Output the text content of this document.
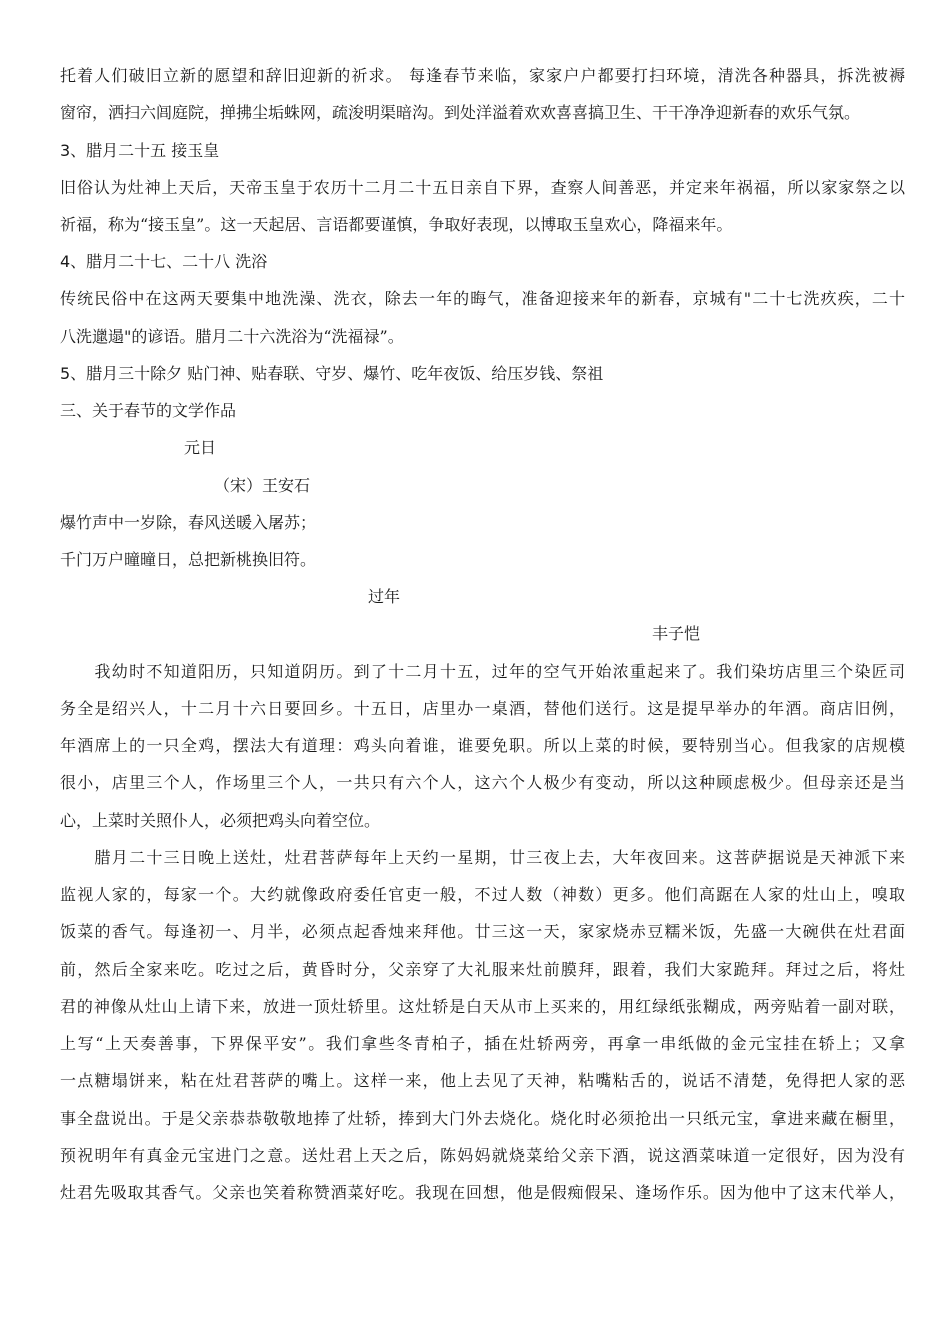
托着人们破旧立新的愿望和辞旧迎新的祈求。 每逢春节来临，家家户户都要打扫环境，清洗各种器具，拆洗被褥
窗帘，洒扫六闾庭院，掸拂尘垢蛛网，疏浚明渠暗沟。到处洋溢着欢欢喜喜搞卫生、干干净净迎新春的欢乐气氛。
3、腊月二十五 接玉皇
旧俗认为灶神上天后，天帝玉皇于农历十二月二十五日亲自下界，查察人间善恶，并定来年祸福，所以家家祭之以
祈福，称为“接玉皇”。这一天起居、言语都要谨慎，争取好表现，以博取玉皇欢心，降福来年。
4、腊月二十七、二十八 洗浴
传统民俗中在这两天要集中地洗澡、洗衣，除去一年的晦气，准备迎接来年的新春，京城有"二十七洗疚疾，二十
八洗邋遢"的谚语。腊月二十六洗浴为“洗福禄”。
5、腊月三十除夕 贴门神、贴春联、守岁、爆竹、吃年夜饭、给压岁钱、祭祖
三、关于春节的文学作品
元日
（宋）王安石
爆竹声中一岁除，春风送暖入屠苏；
千门万户曈曈日，总把新桃换旧符。
过年
丰子恺
　　我幼时不知道阳历，只知道阴历。到了十二月十五，过年的空气开始浓重起来了。我们染坊店里三个染匠司
务全是绍兴人，十二月十六日要回乡。十五日，店里办一桌酒，替他们送行。这是提早举办的年酒。商店旧例，
年酒席上的一只全鸡，摆法大有道理：鸡头向着谁，谁要免职。所以上菜的时候，要特别当心。但我家的店规模
很小，店里三个人，作场里三个人，一共只有六个人，这六个人极少有变动，所以这种顾虑极少。但母亲还是当
心，上菜时关照仆人，必须把鸡头向着空位。
　　腊月二十三日晚上送灶，灶君菩萨每年上天约一星期，廿三夜上去，大年夜回来。这菩萨据说是天神派下来
监视人家的，每家一个。大约就像政府委任官吏一般，不过人数（神数）更多。他们高踞在人家的灶山上，嗅取
饭菜的香气。每逢初一、月半，必须点起香烛来拜他。廿三这一天，家家烧赤豆糯米饭，先盛一大碗供在灶君面
前，然后全家来吃。吃过之后，黄昏时分，父亲穿了大礼服来灶前膜拜，跟着，我们大家跪拜。拜过之后，将灶
君的神像从灶山上请下来，放进一顶灶轿里。这灶轿是白天从市上买来的，用红绿纸张糊成，两旁贴着一副对联，
上写“上天奏善事，下界保平安”。我们拿些冬青柏子，插在灶轿两旁，再拿一串纸做的金元宝挂在轿上；又拿
一点糖塌饼来，粘在灶君菩萨的嘴上。这样一来，他上去见了天神，粘嘴粘舌的，说话不清楚，免得把人家的恶
事全盘说出。于是父亲恭恭敬敬地捧了灶轿，捧到大门外去烧化。烧化时必须抢出一只纸元宝，拿进来藏在橱里，
预祝明年有真金元宝进门之意。送灶君上天之后，陈妈妈就烧菜给父亲下酒，说这酒菜味道一定很好，因为没有
灶君先吸取其香气。父亲也笑着称赞酒菜好吃。我现在回想，他是假痴假呆、逢场作乐。因为他中了这末代举人，
